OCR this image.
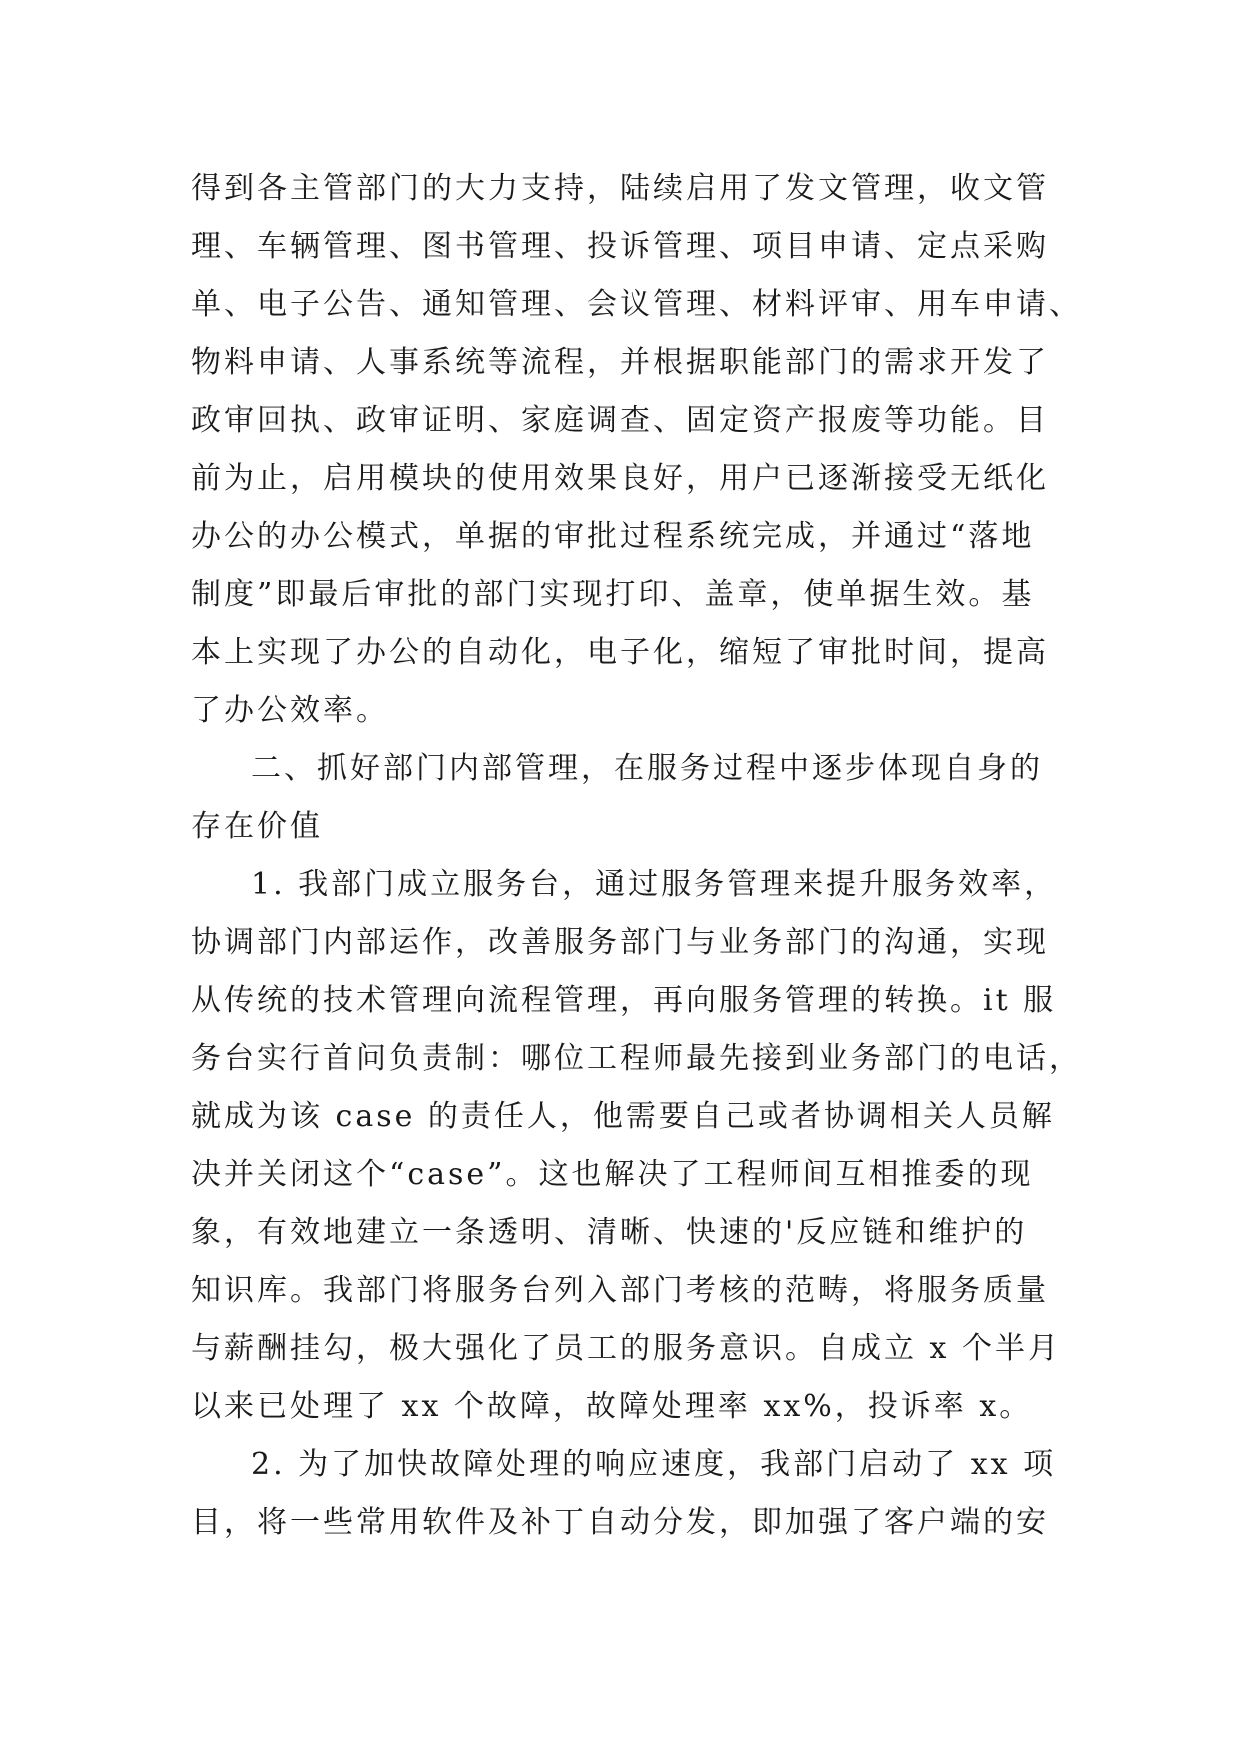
得到各主管部门的大力支持，陆续启用了发文管理，收文管
理、车辆管理、图书管理、投诉管理、项目申请、定点采购
单、电子公告、通知管理、会议管理、材料评审、用车申请、
物料申请、人事系统等流程，并根据职能部门的需求开发了
政审回执、政审证明、家庭调查、固定资产报废等功能。目
前为止，启用模块的使用效果良好，用户已逐渐接受无纸化
办公的办公模式，单据的审批过程系统完成，并通过“落地
制度”即最后审批的部门实现打印、盖章，使单据生效。基
本上实现了办公的自动化，电子化，缩短了审批时间，提高
了办公效率。
二、抓好部门内部管理，在服务过程中逐步体现自身的
存在价值
1. 我部门成立服务台，通过服务管理来提升服务效率，
协调部门内部运作，改善服务部门与业务部门的沟通，实现
从传统的技术管理向流程管理，再向服务管理的转换。it 服
务台实行首问负责制：哪位工程师最先接到业务部门的电话，
就成为该 case 的责任人，他需要自己或者协调相关人员解
决并关闭这个“case”。这也解决了工程师间互相推委的现
象，有效地建立一条透明、清晰、快速的'反应链和维护的
知识库。我部门将服务台列入部门考核的范畴，将服务质量
与薪酬挂勾，极大强化了员工的服务意识。自成立 x 个半月
以来已处理了 xx 个故障，故障处理率 xx%，投诉率 x。
2. 为了加快故障处理的响应速度，我部门启动了 xx 项
目，将一些常用软件及补丁自动分发，即加强了客户端的安
